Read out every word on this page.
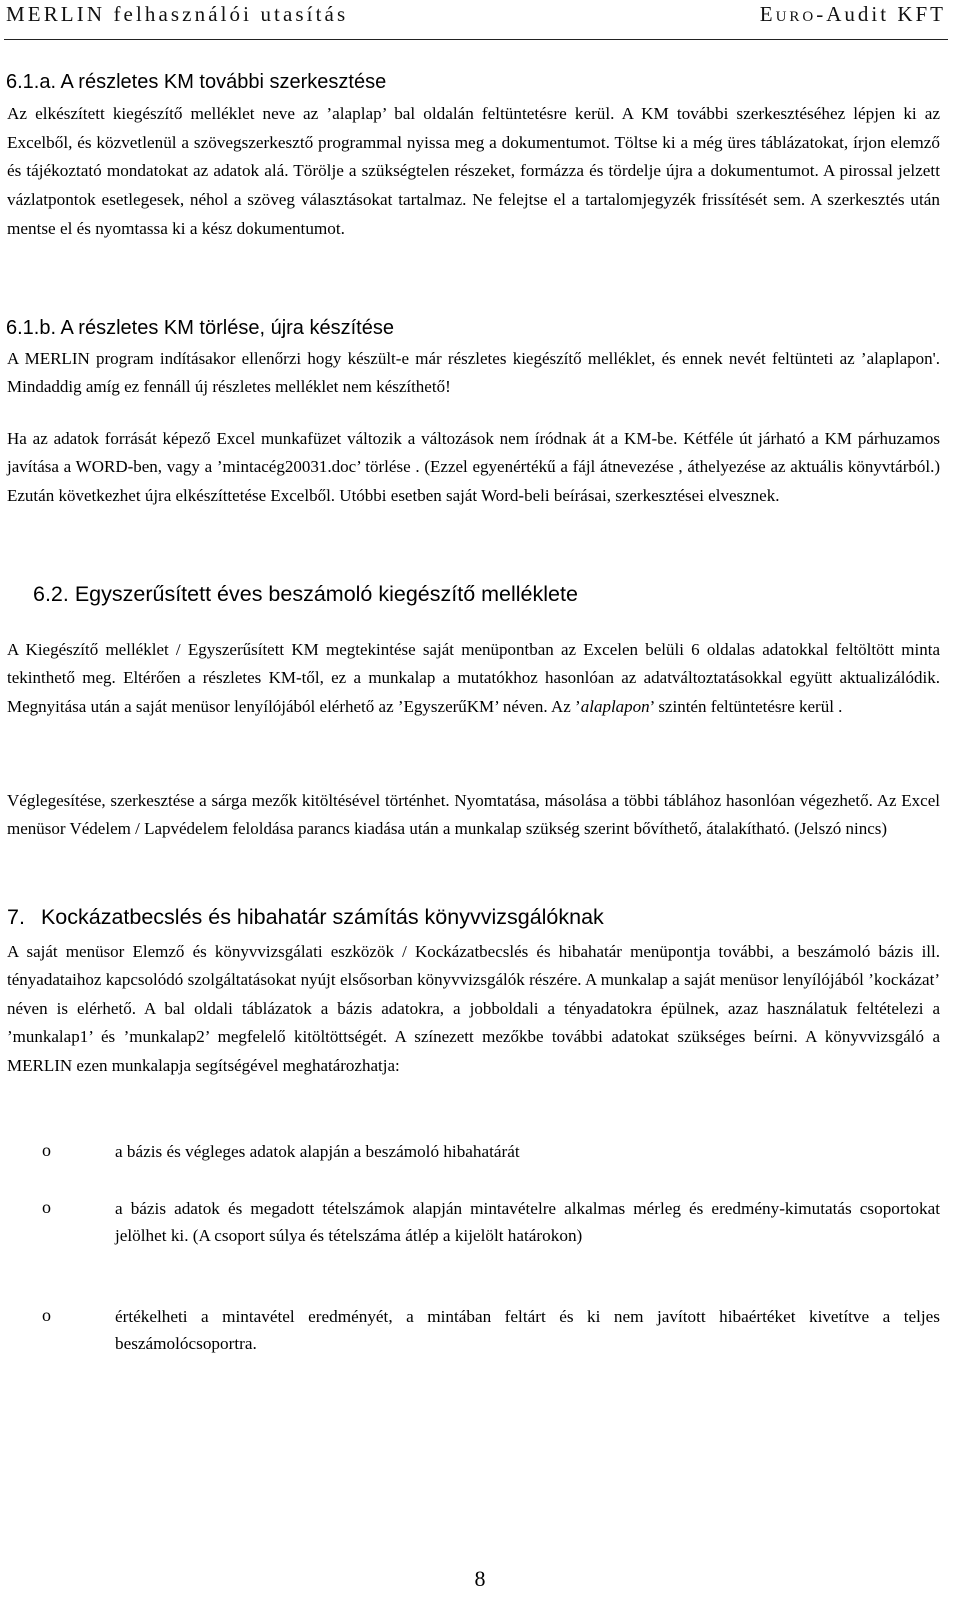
MERLIN felhasználói utasítás	EURO-Audit KFT
6.1.a. A részletes KM további szerkesztése

Az elkészített kiegészítő melléklet neve az ’alaplap’ bal oldalán feltüntetésre kerül. A KM további szerkesztéséhez lépjen ki az Excelből, és közvetlenül a szövegszerkesztő programmal nyissa meg a dokumentumot. Töltse ki a még üres táblázatokat, írjon elemző és tájékoztató mondatokat az adatok alá. Törölje a szükségtelen részeket, formázza és tördelje újra a dokumentumot. A pirossal jelzett vázlatpontok esetlegesek, néhol a szöveg választásokat tartalmaz. Ne felejtse el a tartalomjegyzék frissítését sem. A szerkesztés után mentse el és nyomtassa ki a kész dokumentumot.

6.1.b. A részletes KM törlése, újra készítése

A MERLIN program indításakor ellenőrzi hogy készült-e már részletes kiegészítő melléklet, és ennek nevét feltünteti az ’alaplapon'. Mindaddig amíg ez fennáll új részletes melléklet nem készíthető!

Ha az adatok forrását képező Excel munkafüzet változik a változások nem íródnak át a KM-be. Kétféle út járható a KM párhuzamos javítása a WORD-ben, vagy a ’mintacég20031.doc’ törlése . (Ezzel egyenértékű a fájl átnevezése , áthelyezése az aktuális könyvtárból.) Ezután következhet újra elkészíttetése Excelből. Utóbbi esetben saját Word-beli beírásai, szerkesztései elvesznek.

6.2. Egyszerűsített éves beszámoló kiegészítő melléklete

A Kiegészítő melléklet / Egyszerűsített KM megtekintése saját menüpontban az Excelen belüli 6 oldalas adatokkal feltöltött minta tekinthető meg. Eltérően a részletes KM-től, ez a munkalap a mutatókhoz hasonlóan az adatváltoztatásokkal együtt aktualizálódik. Megnyitása után a saját menüsor lenyílójából elérhető az ’EgyszerűKM’ néven. Az ’alaplapon’ szintén feltüntetésre kerül .

Véglegesítése, szerkesztése a sárga mezők kitöltésével történhet. Nyomtatása, másolása a többi táblához hasonlóan végezhető. Az Excel menüsor Védelem / Lapvédelem feloldása parancs kiadása után a munkalap szükség szerint bővíthető, átalakítható. (Jelszó nincs)

7. Kockázatbecslés és hibahatár számítás könyvvizsgálóknak

A saját menüsor Elemző és könyvvizsgálati eszközök / Kockázatbecslés és hibahatár menüpontja további, a beszámoló bázis ill. tényadataihoz kapcsolódó szolgáltatásokat nyújt elsősorban könyvvizsgálók részére. A munkalap a saját menüsor lenyílójából ’kockázat’ néven is elérhető. A bal oldali táblázatok a bázis adatokra, a jobboldali a tényadatokra épülnek, azaz használatuk feltételezi a ’munkalap1’ és ’munkalap2’ megfelelő kitöltöttségét. A színezett mezőkbe további adatokat szükséges beírni. A könyvvizsgáló a MERLIN ezen munkalapja segítségével meghatározhatja:

o	a bázis és végleges adatok alapján a beszámoló hibahatárát

o	a bázis adatok és megadott tételszámok alapján mintavételre alkalmas mérleg és eredmény-kimutatás csoportokat jelölhet ki. (A csoport súlya és tételszáma átlép a kijelölt határokon)

o	értékelheti a mintavétel eredményét, a mintában feltárt és ki nem javított hibaértéket kivetítve a teljes beszámolócsoportra.

8
